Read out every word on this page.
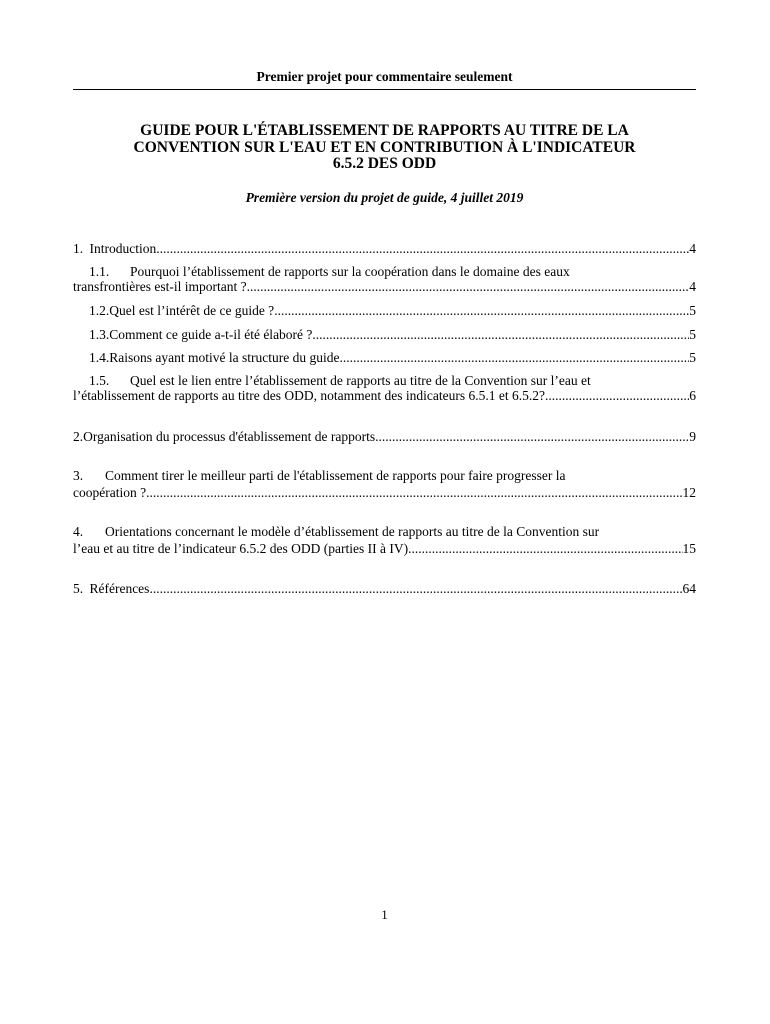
Premier projet pour commentaire seulement
GUIDE POUR L'ÉTABLISSEMENT DE RAPPORTS AU TITRE DE LA
CONVENTION SUR L'EAU ET EN CONTRIBUTION À L'INDICATEUR
6.5.2 DES ODD
Première version du projet de guide, 4 juillet 2019
1. Introduction .....	4
1.1. Pourquoi l’établissement de rapports sur la coopération dans le domaine des eaux
transfrontières est-il important ? .....	4
1.2. Quel est l’intérêt de ce guide ? .....	5
1.3. Comment ce guide a-t-il été élaboré ? .....	5
1.4. Raisons ayant motivé la structure du guide .....	5
1.5. Quel est le lien entre l’établissement de rapports au titre de la Convention sur l’eau et
l’établissement de rapports au titre des ODD, notamment des indicateurs 6.5.1 et 6.5.2? .....	6
2. Organisation du processus d'établissement de rapports .....	9
3. Comment tirer le meilleur parti de l'établissement de rapports pour faire progresser la
coopération ? .....	12
4. Orientations concernant le modèle d’établissement de rapports au titre de la Convention sur
l’eau et au titre de l’indicateur 6.5.2 des ODD (parties II à IV) .....	15
5. Références .....	64
1
